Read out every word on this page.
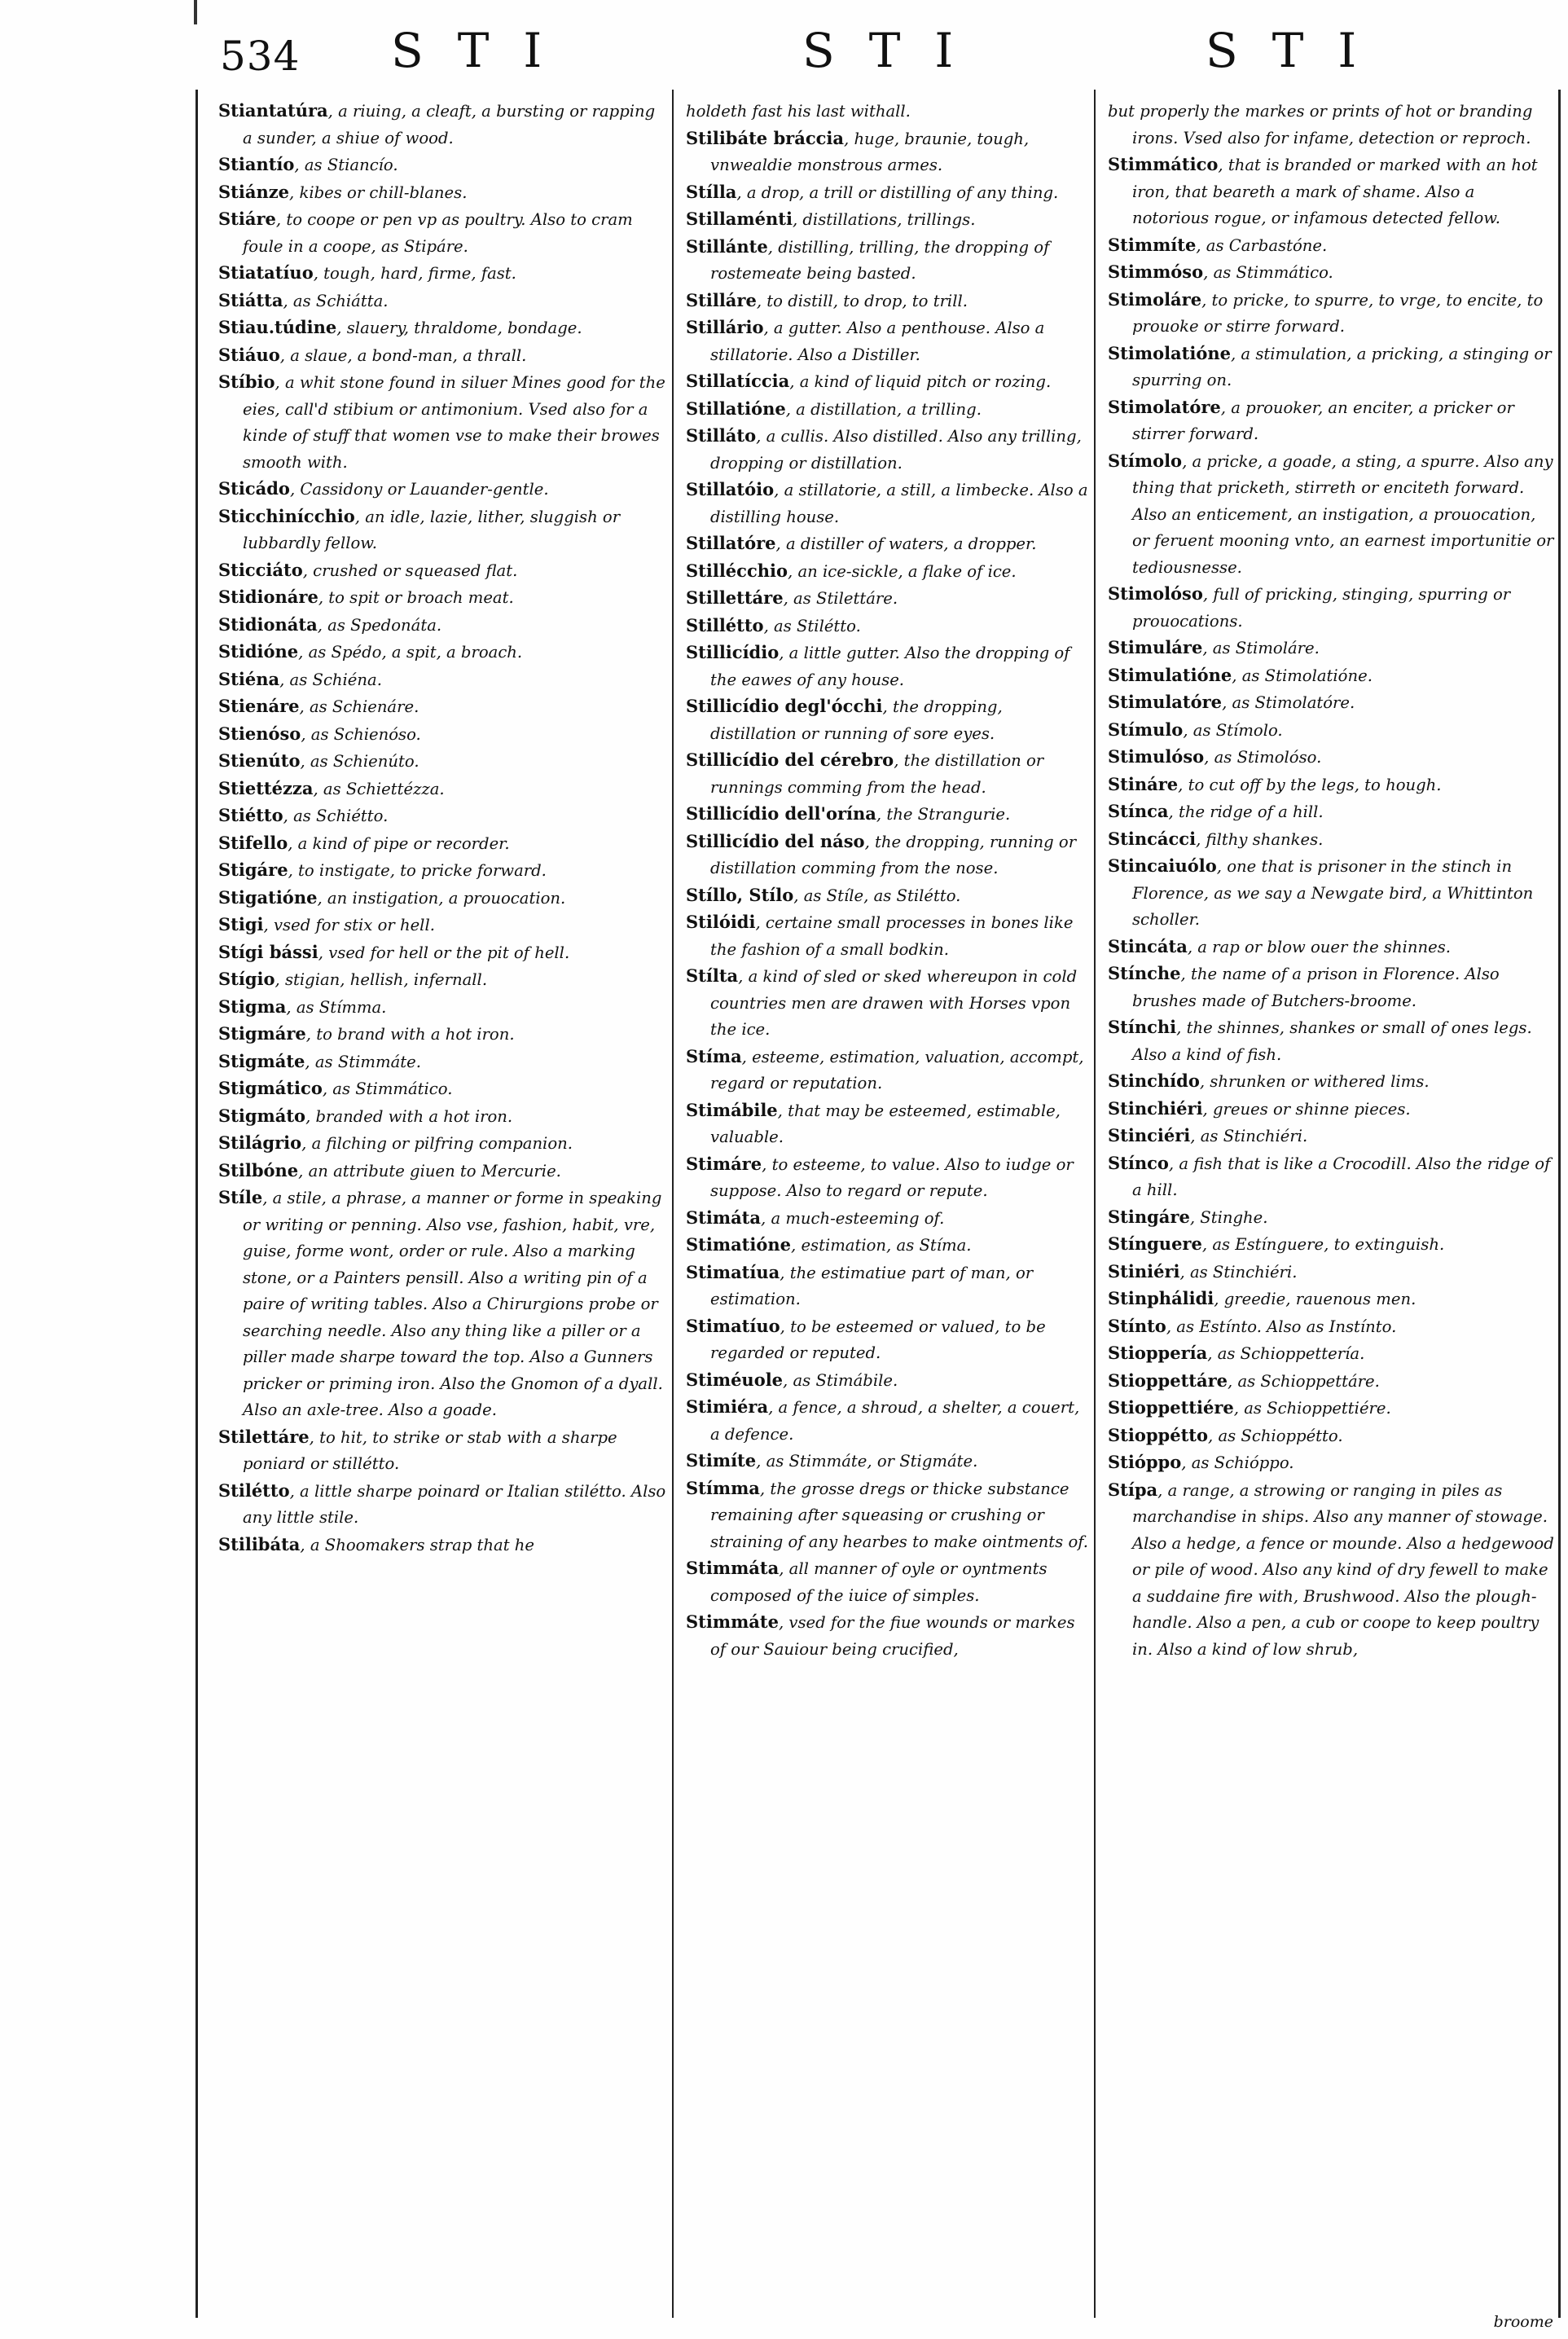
534 STI	STI	STI

Stiantatúra, a riuing, a cleaft, a bursting or rapping a sunder, a shiue of wood.

Stiantío, as Stiancío.

Stiánze, kibes or chill-blanes.

Stiáre, to coope or pen vp as poultry. Also to cram foule in a coope, as Stipáre.

Stiatatíuo, tough, hard, firme, fast.

Stiátta, as Schiátta.

Stiau.túdine, slauery, thraldome, bondage.

Stiáuo, a slaue, a bond-man, a thrall.

Stíbio, a whit stone found in siluer Mines good for the eies, call'd stibium or antimonium. Vsed also for a kinde of stuff that women vse to make their browes smooth with.

Sticádo, Cassidony or Lauander-gentle.

Sticchinícchio, an idle, lazie, lither, sluggish or lubbardly fellow.

Sticciáto, crushed or squeased flat.

Stidionáre, to spit or broach meat.

Stidionáta, as Spedonáta.

Stidióne, as Spédo, a spit, a broach.

Stiéna, as Schiéna.

Stienáre, as Schienáre.

Stienóso, as Schienóso.

Stienúto, as Schienúto.

Stiettézza, as Schiettézza.

Stiétto, as Schiétto.

Stifello, a kind of pipe or recorder.

Stigáre, to instigate, to pricke forward.

Stigatióne, an instigation, a prouocation.

Stigi, vsed for stix or hell.

Stígi bássi, vsed for hell or the pit of hell.

Stígio, stigian, hellish, infernall.

Stigma, as Stímma.

Stigmáre, to brand with a hot iron.

Stigmáte, as Stimmáte.

Stigmático, as Stimmático.

Stigmáto, branded with a hot iron.

Stilágrio, a filching or pilfring companion.

Stilbóne, an attribute giuen to Mercurie.

Stíle, a stile, a phrase, a manner or forme in speaking or writing or penning. Also vse, fashion, habit, vre, guise, forme wont, order or rule. Also a marking stone, or a Painters pensill. Also a writing pin of a paire of writing tables. Also a Chirurgions probe or searching needle. Also any thing like a piller or a piller made sharpe toward the top. Also a Gunners pricker or priming iron. Also the Gnomon of a dyall. Also an axle-tree. Also a goade.

Stilettáre, to hit, to strike or stab with a sharpe poniard or stillétto.

Stilétto, a little sharpe poinard or Italian stilétto. Also any little stile.

Stilibáta, a Shoomakers strap that he

holdeth fast his last withall.

Stilibáte bráccia, huge, braunie, tough, vnwealdie monstrous armes.

Stílla, a drop, a trill or distilling of any thing.

Stillaménti, distillations, trillings.

Stillánte, distilling, trilling, the dropping of rostemeate being basted.

Stilláre, to distill, to drop, to trill.

Stillário, a gutter. Also a penthouse. Also a stillatorie. Also a Distiller.

Stillatíccia, a kind of liquid pitch or rozing.

Stillatióne, a distillation, a trilling.

Stilláto, a cullis. Also distilled. Also any trilling, dropping or distillation.

Stillatóio, a stillatorie, a still, a limbecke. Also a distilling house.

Stillatóre, a distiller of waters, a dropper.

Stillécchio, an ice-sickle, a flake of ice.

Stillettáre, as Stilettáre.

Stillétto, as Stilétto.

Stillicídio, a little gutter. Also the dropping of the eawes of any house.

Stillicídio degl'ócchi, the dropping, distillation or running of sore eyes.

Stillicídio del cérebro, the distillation or runnings comming from the head.

Stillicídio dell'orína, the Strangurie.

Stillicídio del náso, the dropping, running or distillation comming from the nose.

Stíllo, Stílo, as Stíle, as Stilétto.

Stilóidi, certaine small processes in bones like the fashion of a small bodkin.

Stílta, a kind of sled or sked whereupon in cold countries men are drawen with Horses vpon the ice.

Stíma, esteeme, estimation, valuation, accompt, regard or reputation.

Stimábile, that may be esteemed, estimable, valuable.

Stimáre, to esteeme, to value. Also to iudge or suppose. Also to regard or repute.

Stimáta, a much-esteeming of.

Stimatióne, estimation, as Stíma.

Stimatíua, the estimatiue part of man, or estimation.

Stimatíuo, to be esteemed or valued, to be regarded or reputed.

Stiméuole, as Stimábile.

Stimiéra, a fence, a shroud, a shelter, a couert, a defence.

Stimíte, as Stimmáte, or Stigmáte.

Stímma, the grosse dregs or thicke substance remaining after squeasing or crushing or straining of any hearbes to make ointments of.

Stimmáta, all manner of oyle or oyntments composed of the iuice of simples.

Stimmáte, vsed for the fiue wounds or markes of our Sauiour being crucified,

but properly the markes or prints of hot or branding irons. Vsed also for infame, detection or reproch.

Stimmático, that is branded or marked with an hot iron, that beareth a mark of shame. Also a notorious rogue, or infamous detected fellow.

Stimmíte, as Carbastóne.

Stimmóso, as Stimmático.

Stimoláre, to pricke, to spurre, to vrge, to encite, to prouoke or stirre forward.

Stimolatióne, a stimulation, a pricking, a stinging or spurring on.

Stimolatóre, a prouoker, an enciter, a pricker or stirrer forward.

Stímolo, a pricke, a goade, a sting, a spurre. Also any thing that pricketh, stirreth or enciteth forward. Also an enticement, an instigation, a prouocation, or feruent mooning vnto, an earnest importunitie or tediousnesse.

Stimolóso, full of pricking, stinging, spurring or prouocations.

Stimuláre, as Stimoláre.

Stimulatióne, as Stimolatióne.

Stimulatóre, as Stimolatóre.

Stímulo, as Stímolo.

Stimulóso, as Stimolóso.

Stináre, to cut off by the legs, to hough.

Stínca, the ridge of a hill.

Stincácci, filthy shankes.

Stincaiuólo, one that is prisoner in the stinch in Florence, as we say a Newgate bird, a Whittinton scholler.

Stincáta, a rap or blow ouer the shinnes.

Stínche, the name of a prison in Florence. Also brushes made of Butchers-broome.

Stínchi, the shinnes, shankes or small of ones legs. Also a kind of fish.

Stinchído, shrunken or withered lims.

Stinchiéri, greues or shinne pieces.

Stinciéri, as Stinchiéri.

Stínco, a fish that is like a Crocodill. Also the ridge of a hill.

Stingáre, Stinghe.

Stínguere, as Estínguere, to extinguish.

Stiniéri, as Stinchiéri.

Stinphálidi, greedie, rauenous men.

Stínto, as Estínto. Also as Instínto.

Stioppería, as Schioppettería.

Stioppettáre, as Schioppettáre.

Stioppettiére, as Schioppettiére.

Stioppétto, as Schioppétto.

Stióppo, as Schióppo.

Stípa, a range, a strowing or ranging in piles as marchandise in ships. Also any manner of stowage. Also a hedge, a fence or mounde. Also a hedgewood or pile of wood. Also any kind of dry fewell to make a suddaine fire with, Brushwood. Also the plough-handle. Also a pen, a cub or coope to keep poultry in. Also a kind of low shrub,

broome
